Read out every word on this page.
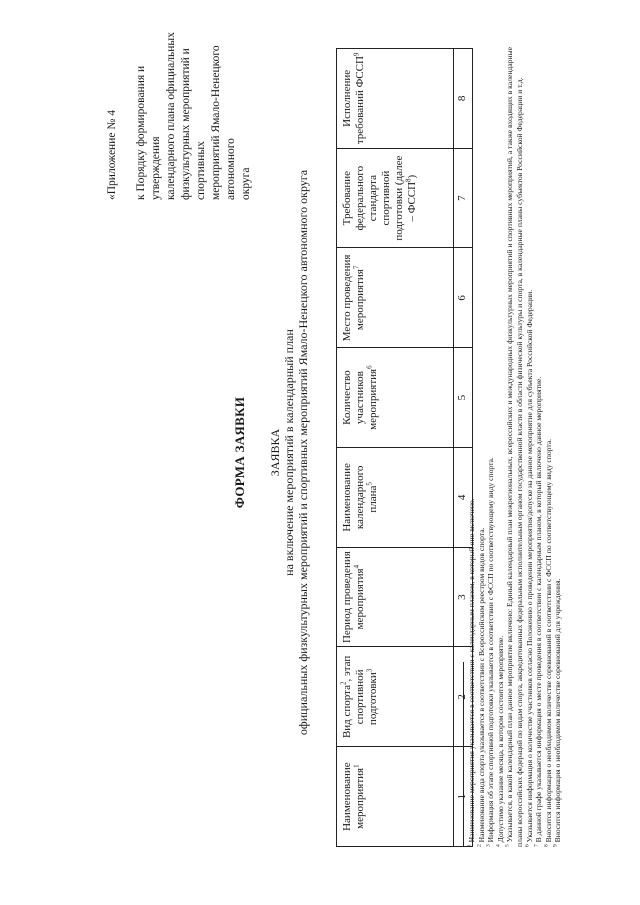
«Приложение № 4 к Порядку формирования и утверждения календарного плана официальных физкультурных мероприятий и спортивных мероприятий Ямало-Ненецкого автономного округа

ФОРМА ЗАЯВКИ ЗАЯВКА на включение мероприятий в календарный план официальных физкультурных мероприятий и спортивных мероприятий Ямало-Ненецкого автономного округа
Наименование мероприятия$^1$	Вид спорта$^2$, этап спортивной подготовки$^3$	Период проведения мероприятия$^4$	Наименование календарного плана$^5$	Количество участников мероприятия$^6$	Место проведения мероприятия$^7$	Требование федерального стандарта спортивной подготовки (далее – ФССП$^8$)	Исполнение требований ФССП$^9$
1	2	3	4	5	6	7	8

$^1$ Наименование мероприятия указывается в соответствии с календарным планом, в который оно включено.

$^2$ Наименование вида спорта указывается в соответствии с Всероссийским реестром видов спорта.

$^3$ Информация об этапе спортивной подготовки указывается в соответствии с ФССП по соответствующему виду спорта.

$^4$ Допустимо указание месяца, в котором состоится мероприятие.

$^5$ Указывается, в какой календарный план данное мероприятие включено: Единый календарный план межрегиональных, всероссийских и международных физкультурных мероприятий и спортивных мероприятий, а также входящих в календарные планы всероссийских федераций по видам спорта, аккредитованных федеральным исполнительным органом государственной власти в области физической культуры и спорта, в календарные планы субъектов Российской Федерации и т.д. $^6$ Указывается информация о количестве участников согласно Положению о проведении мероприятия/допуске на данное мероприятие для субъекта Российской Федерации.

$^7$ В данной графе указывается информация о месте проведения в соответствии с календарным планом, в который включено данное мероприятие.

$^8$ Вносится информация о необходимом количестве соревнований в соответствии с ФССП по соответствующему виду спорта.

$^9$ Вносится информация о необходимом количестве соревнований для учреждения.
